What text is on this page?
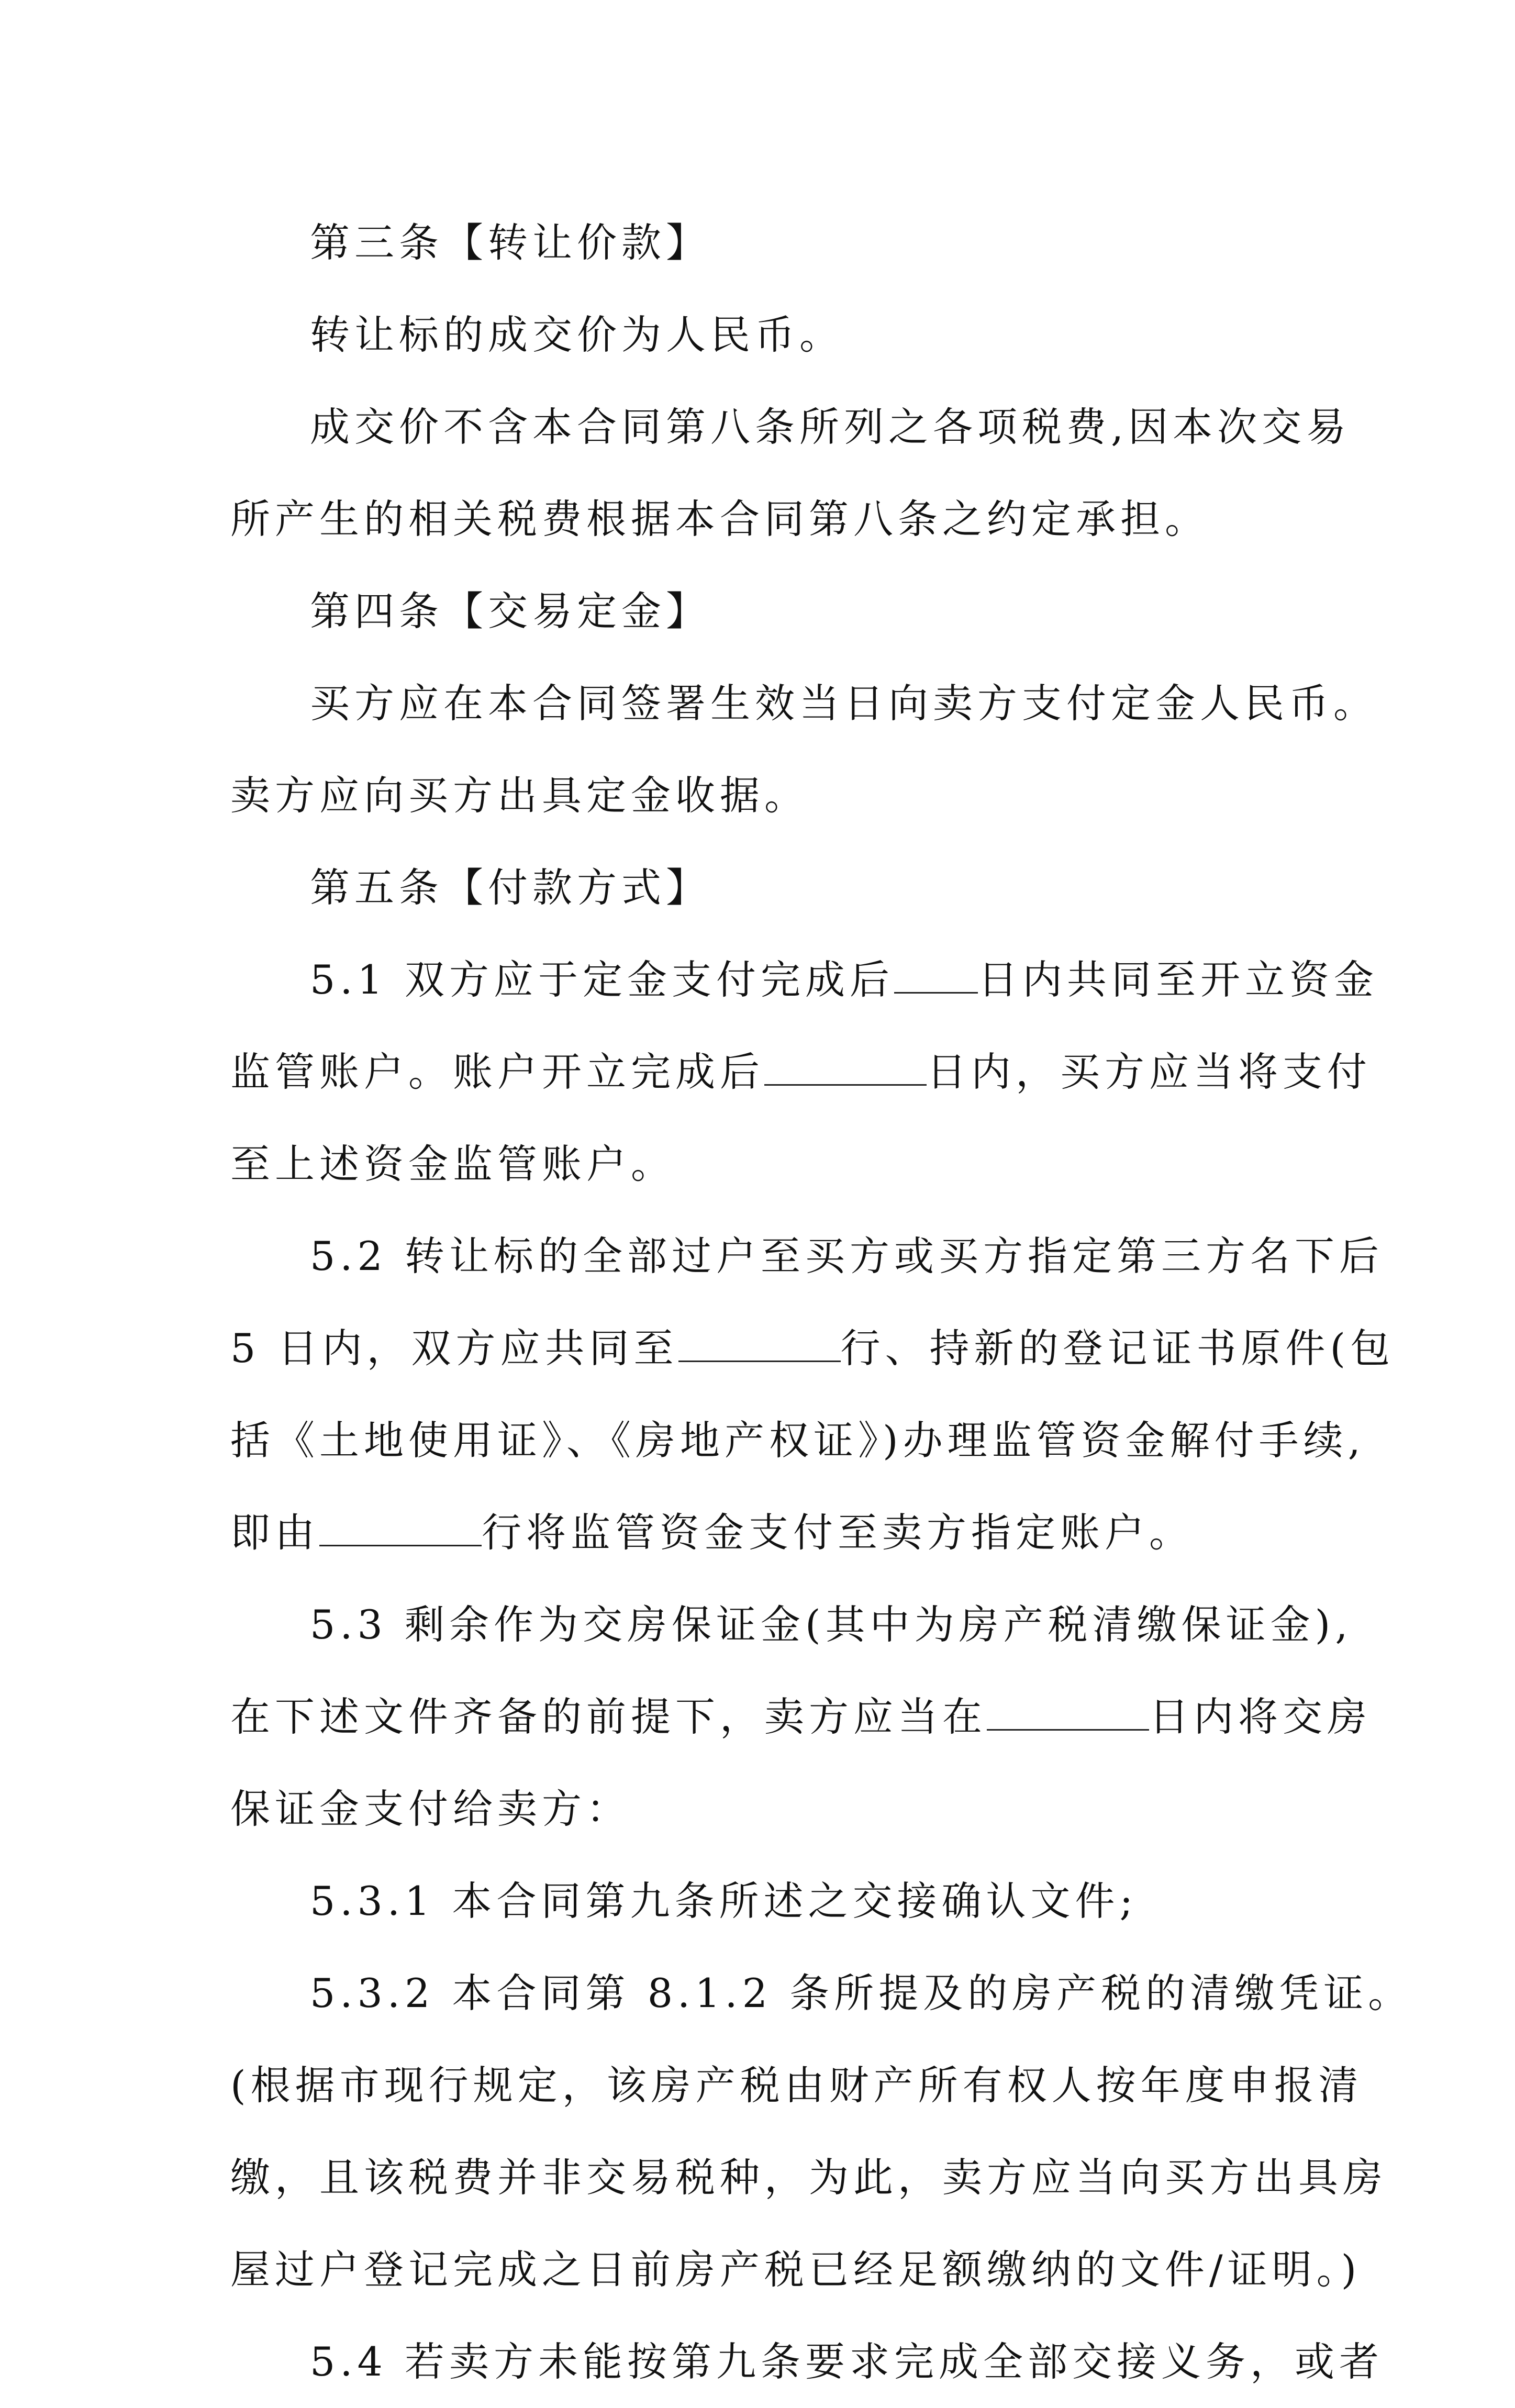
第三条【转让价款】
转让标的成交价为人民币。
成交价不含本合同第八条所列之各项税费,因本次交易
所产生的相关税费根据本合同第八条之约定承担。
第四条【交易定金】
买方应在本合同签署生效当日向卖方支付定金人民币。
卖方应向买方出具定金收据。
第五条【付款方式】
5.1 双方应于定金支付完成后 日内共同至开立资金
监管账户。账户开立完成后	日内，买方应当将支付
至上述资金监管账户。
5.2 转让标的全部过户至买方或买方指定第三方名下后
5 日内，双方应共同至	行、持新的登记证书原件(包
括《土地使用证》、《房地产权证》)办理监管资金解付手续,
即由	行将监管资金支付至卖方指定账户。
5.3 剩余作为交房保证金(其中为房产税清缴保证金),
在下述文件齐备的前提下，卖方应当在	日内将交房
保证金支付给卖方：
5.3.1 本合同第九条所述之交接确认文件;
5.3.2 本合同第 8.1.2 条所提及的房产税的清缴凭证。
(根据市现行规定，该房产税由财产所有权人按年度申报清
缴，且该税费并非交易税种，为此，卖方应当向买方出具房
屋过户登记完成之日前房产税已经足额缴纳的文件/证明。)
5.4 若卖方未能按第九条要求完成全部交接义务，或者
